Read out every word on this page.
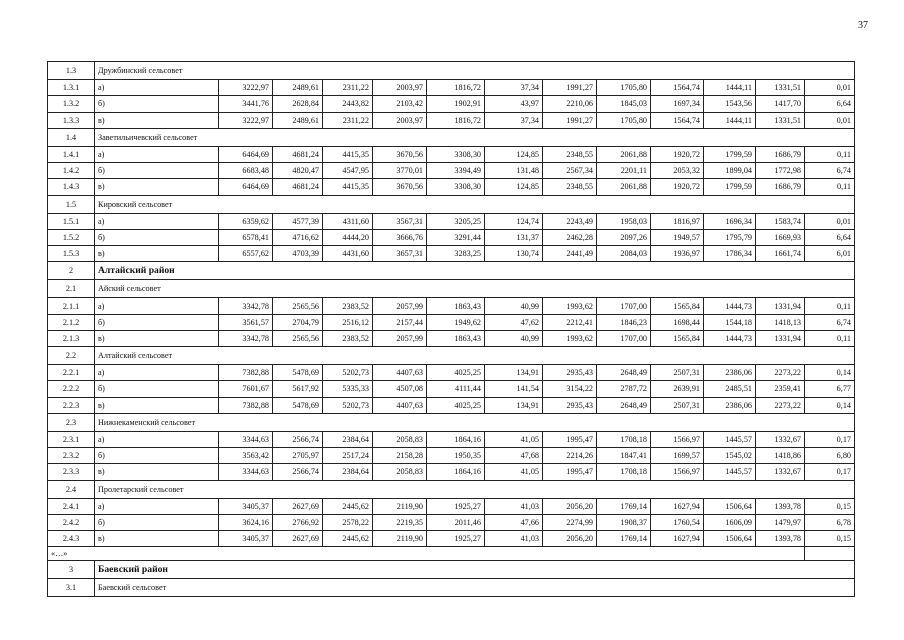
37
1.3	Дружбинский сельсовет												
1.3.1	а)	3222,97	2489,61	2311,22	2003,97	1816,72	37,34	1991,27	1705,80	1564,74	1444,11	1331,51	0,01
1.3.2	б)	3441,76	2628,84	2443,82	2103,42	1902,91	43,97	2210,06	1845,03	1697,34	1543,56	1417,70	6,64
1.3.3	в)	3222,97	2489,61	2311,22	2003,97	1816,72	37,34	1991,27	1705,80	1564,74	1444,11	1331,51	0,01
1.4	Заветильичевский сельсовет												
1.4.1	а)	6464,69	4681,24	4415,35	3670,56	3308,30	124,85	2348,55	2061,88	1920,72	1799,59	1686,79	0,11
1.4.2	б)	6683,48	4820,47	4547,95	3770,01	3394,49	131,48	2567,34	2201,11	2053,32	1899,04	1772,98	6,74
1.4.3	в)	6464,69	4681,24	4415,35	3670,56	3308,30	124,85	2348,55	2061,88	1920,72	1799,59	1686,79	0,11
1.5	Кировский сельсовет												
1.5.1	а)	6359,62	4577,39	4311,60	3567,31	3205,25	124,74	2243,49	1958,03	1816,97	1696,34	1583,74	0,01
1.5.2	б)	6578,41	4716,62	4444,20	3666,76	3291,44	131,37	2462,28	2097,26	1949,57	1795,79	1669,93	6,64
1.5.3	в)	6557,62	4703,39	4431,60	3657,31	3283,25	130,74	2441,49	2084,03	1936,97	1786,34	1661,74	6,01
2	Алтайский район												
2.1	Айский сельсовет												
2.1.1	а)	3342,78	2565,56	2383,52	2057,99	1863,43	40,99	1993,62	1707,00	1565,84	1444,73	1331,94	0,11
2.1.2	б)	3561,57	2704,79	2516,12	2157,44	1949,62	47,62	2212,41	1846,23	1698,44	1544,18	1418,13	6,74
2.1.3	в)	3342,78	2565,56	2383,52	2057,99	1863,43	40,99	1993,62	1707,00	1565,84	1444,73	1331,94	0,11
2.2	Алтайский сельсовет												
2.2.1	а)	7382,88	5478,69	5202,73	4407,63	4025,25	134,91	2935,43	2648,49	2507,31	2386,06	2273,22	0,14
2.2.2	б)	7601,67	5617,92	5335,33	4507,08	4111,44	141,54	3154,22	2787,72	2639,91	2485,51	2359,41	6,77
2.2.3	в)	7382,88	5478,69	5202,73	4407,63	4025,25	134,91	2935,43	2648,49	2507,31	2386,06	2273,22	0,14
2.3	Нижнекаменский сельсовет												
2.3.1	а)	3344,63	2566,74	2384,64	2058,83	1864,16	41,05	1995,47	1708,18	1566,97	1445,57	1332,67	0,17
2.3.2	б)	3563,42	2705,97	2517,24	2158,28	1950,35	47,68	2214,26	1847,41	1699,57	1545,02	1418,86	6,80
2.3.3	в)	3344,63	2566,74	2384,64	2058,83	1864,16	41,05	1995,47	1708,18	1566,97	1445,57	1332,67	0,17
2.4	Пролетарский сельсовет												
2.4.1	а)	3405,37	2627,69	2445,62	2119,90	1925,27	41,03	2056,20	1769,14	1627,94	1506,64	1393,78	0,15
2.4.2	б)	3624,16	2766,92	2578,22	2219,35	2011,46	47,66	2274,99	1908,37	1760,54	1606,09	1479,97	6,78
2.4.3	в)	3405,37	2627,69	2445,62	2119,90	1925,27	41,03	2056,20	1769,14	1627,94	1506,64	1393,78	0,15
«…»													
3	Баевский район												
3.1	Баевский сельсовет												
